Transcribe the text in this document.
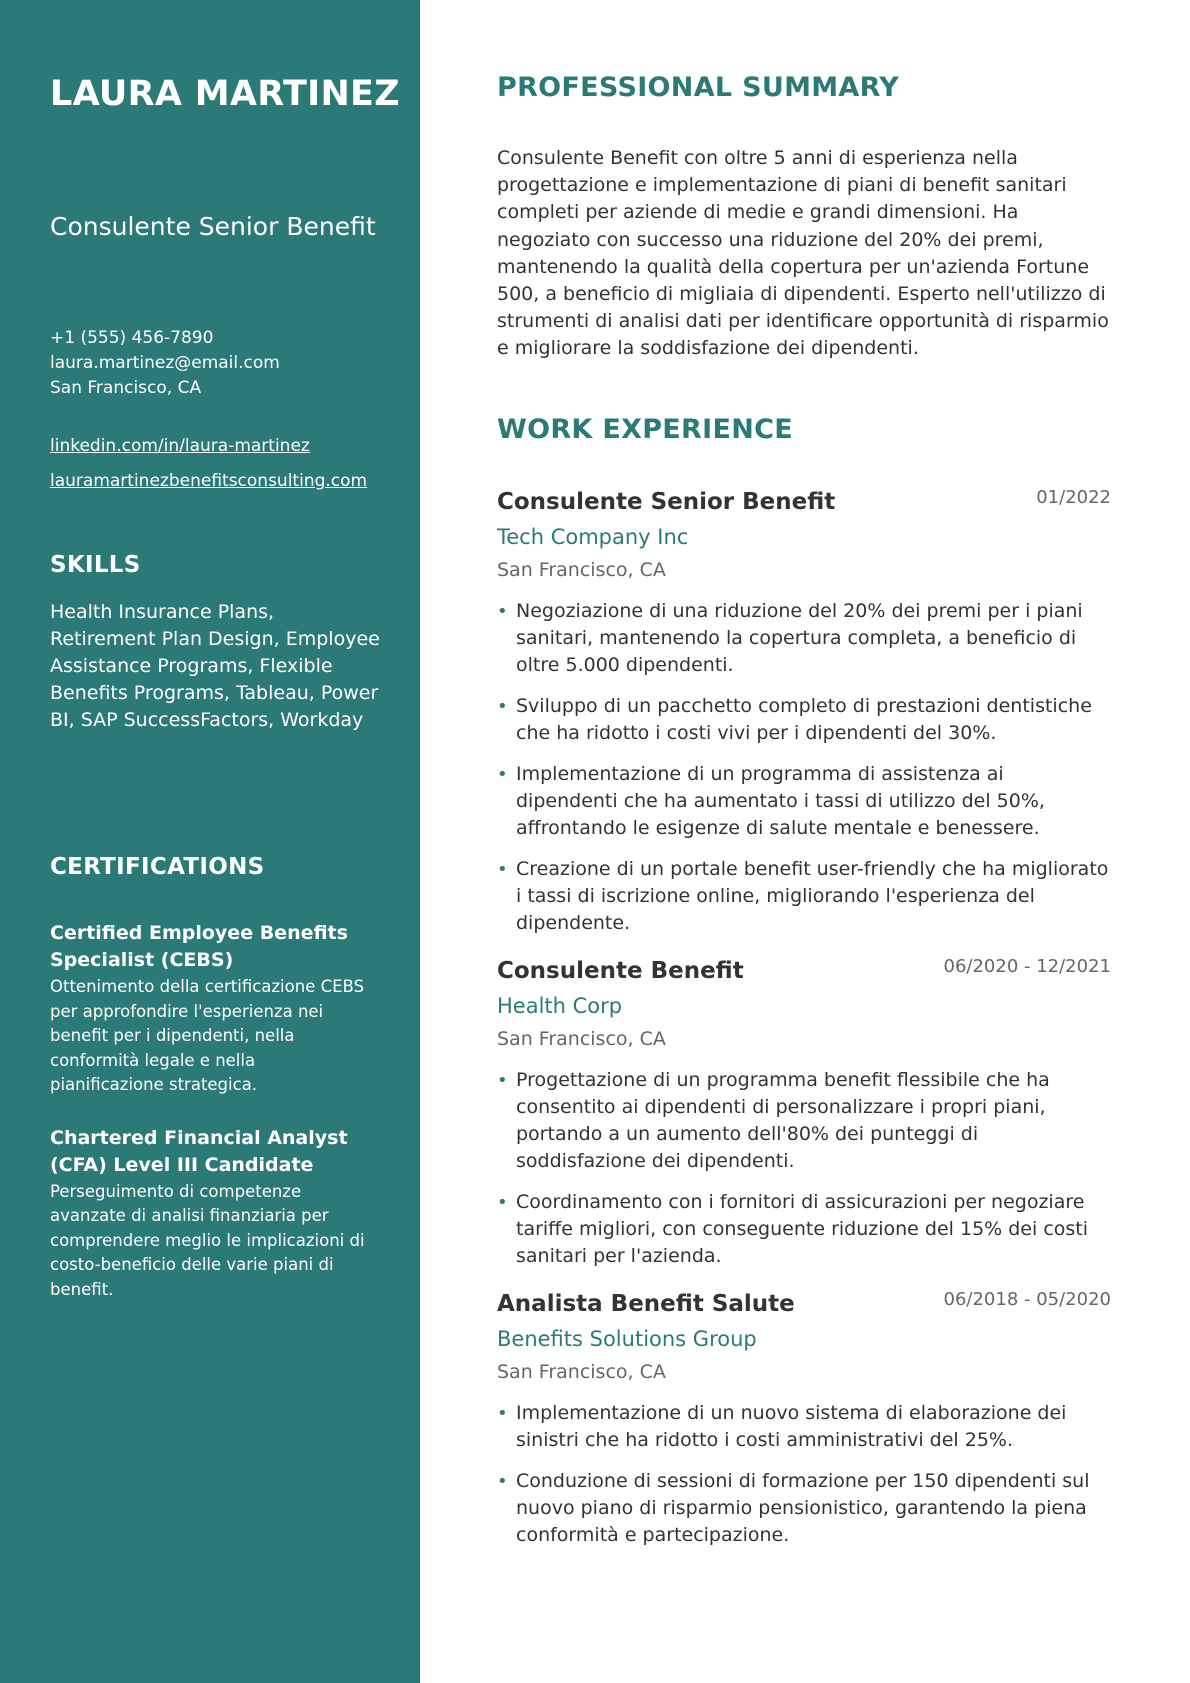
LAURA MARTINEZ
Consulente Senior Benefit
+1 (555) 456-7890
laura.martinez@email.com
San Francisco, CA
linkedin.com/in/laura-martinez
lauramartinezbenefitsconsulting.com
SKILLS
Health Insurance Plans, Retirement Plan Design, Employee Assistance Programs, Flexible Benefits Programs, Tableau, Power BI, SAP SuccessFactors, Workday
CERTIFICATIONS
Certified Employee Benefits Specialist (CEBS)
Ottenimento della certificazione CEBS per approfondire l'esperienza nei benefit per i dipendenti, nella conformità legale e nella pianificazione strategica.
Chartered Financial Analyst (CFA) Level III Candidate
Perseguimento di competenze avanzate di analisi finanziaria per comprendere meglio le implicazioni di costo-beneficio delle varie piani di benefit.
PROFESSIONAL SUMMARY

Consulente Benefit con oltre 5 anni di esperienza nella progettazione e implementazione di piani di benefit sanitari completi per aziende di medie e grandi dimensioni. Ha negoziato con successo una riduzione del 20% dei premi, mantenendo la qualità della copertura per un'azienda Fortune 500, a beneficio di migliaia di dipendenti. Esperto nell'utilizzo di strumenti di analisi dati per identificare opportunità di risparmio e migliorare la soddisfazione dei dipendenti.

WORK EXPERIENCE
Consulente Senior Benefit	01/2022
Tech Company Inc
San Francisco, CA
• Negoziazione di una riduzione del 20% dei premi per i piani sanitari, mantenendo la copertura completa, a beneficio di oltre 5.000 dipendenti.
• Sviluppo di un pacchetto completo di prestazioni dentistiche che ha ridotto i costi vivi per i dipendenti del 30%.
• Implementazione di un programma di assistenza ai dipendenti che ha aumentato i tassi di utilizzo del 50%, affrontando le esigenze di salute mentale e benessere.
• Creazione di un portale benefit user-friendly che ha migliorato i tassi di iscrizione online, migliorando l'esperienza del dipendente.
Consulente Benefit	06/2020 - 12/2021
Health Corp
San Francisco, CA
• Progettazione di un programma benefit flessibile che ha consentito ai dipendenti di personalizzare i propri piani, portando a un aumento dell'80% dei punteggi di soddisfazione dei dipendenti.
• Coordinamento con i fornitori di assicurazioni per negoziare tariffe migliori, con conseguente riduzione del 15% dei costi sanitari per l'azienda.
Analista Benefit Salute	06/2018 - 05/2020
Benefits Solutions Group
San Francisco, CA
• Implementazione di un nuovo sistema di elaborazione dei sinistri che ha ridotto i costi amministrativi del 25%.
• Conduzione di sessioni di formazione per 150 dipendenti sul nuovo piano di risparmio pensionistico, garantendo la piena conformità e partecipazione.
